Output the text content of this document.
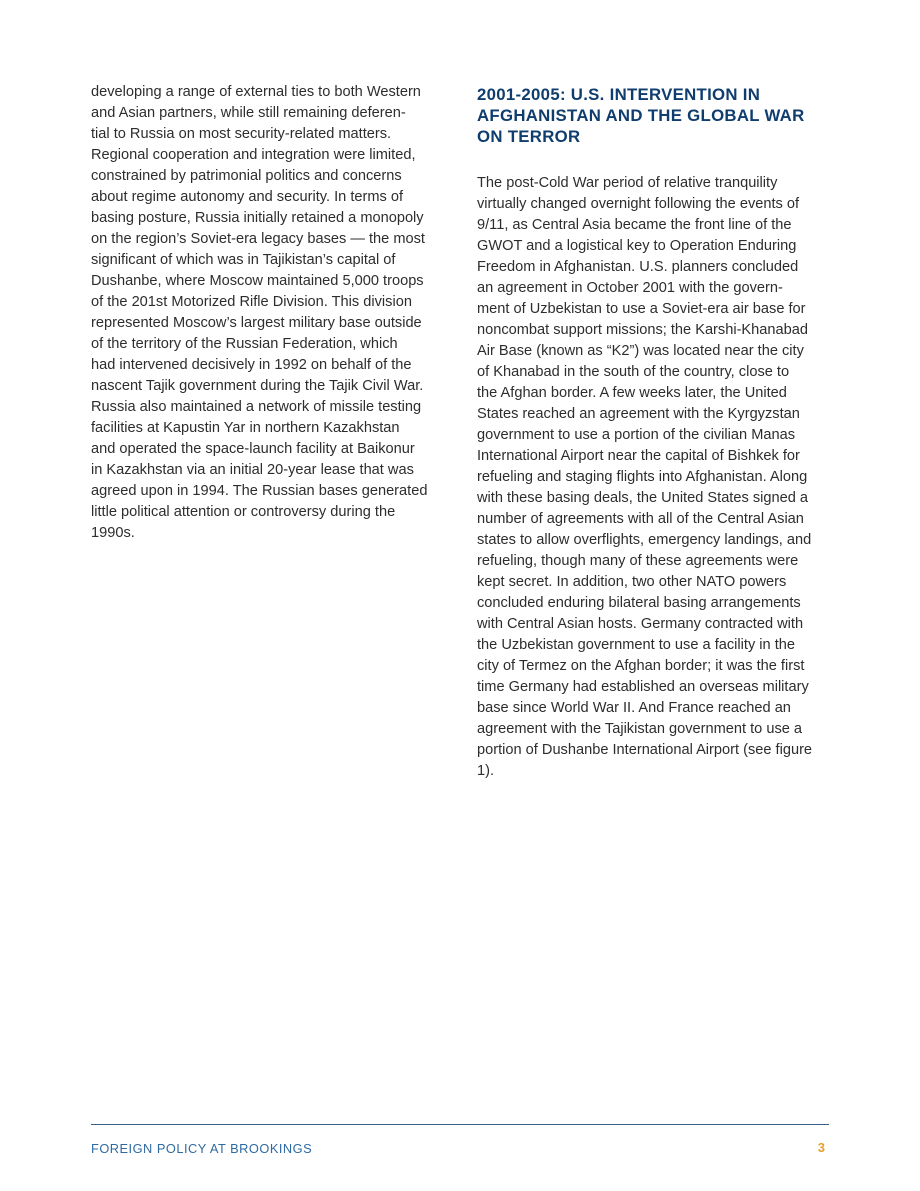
developing a range of external ties to both Western
and Asian partners, while still remaining deferen-
tial to Russia on most security-related matters.
Regional cooperation and integration were limited,
constrained by patrimonial politics and concerns
about regime autonomy and security. In terms of
basing posture, Russia initially retained a monopoly
on the region’s Soviet-era legacy bases — the most
significant of which was in Tajikistan’s capital of
Dushanbe, where Moscow maintained 5,000 troops
of the 201st Motorized Rifle Division. This division
represented Moscow’s largest military base outside
of the territory of the Russian Federation, which
had intervened decisively in 1992 on behalf of the
nascent Tajik government during the Tajik Civil War.
Russia also maintained a network of missile testing
facilities at Kapustin Yar in northern Kazakhstan
and operated the space-launch facility at Baikonur
in Kazakhstan via an initial 20-year lease that was
agreed upon in 1994. The Russian bases generated
little political attention or controversy during the
1990s.

2001-2005: U.S. INTERVENTION IN
AFGHANISTAN AND THE GLOBAL WAR
ON TERROR

The post-Cold War period of relative tranquility
virtually changed overnight following the events of
9/11, as Central Asia became the front line of the
GWOT and a logistical key to Operation Enduring
Freedom in Afghanistan. U.S. planners concluded
an agreement in October 2001 with the govern-
ment of Uzbekistan to use a Soviet-era air base for
noncombat support missions; the Karshi-Khanabad
Air Base (known as “K2”) was located near the city
of Khanabad in the south of the country, close to
the Afghan border. A few weeks later, the United
States reached an agreement with the Kyrgyzstan
government to use a portion of the civilian Manas
International Airport near the capital of Bishkek for
refueling and staging flights into Afghanistan. Along
with these basing deals, the United States signed a
number of agreements with all of the Central Asian
states to allow overflights, emergency landings, and
refueling, though many of these agreements were
kept secret. In addition, two other NATO powers
concluded enduring bilateral basing arrangements
with Central Asian hosts. Germany contracted with
the Uzbekistan government to use a facility in the
city of Termez on the Afghan border; it was the first
time Germany had established an overseas military
base since World War II. And France reached an
agreement with the Tajikistan government to use a
portion of Dushanbe International Airport (see figure
1).

FOREIGN POLICY AT BROOKINGS	3
